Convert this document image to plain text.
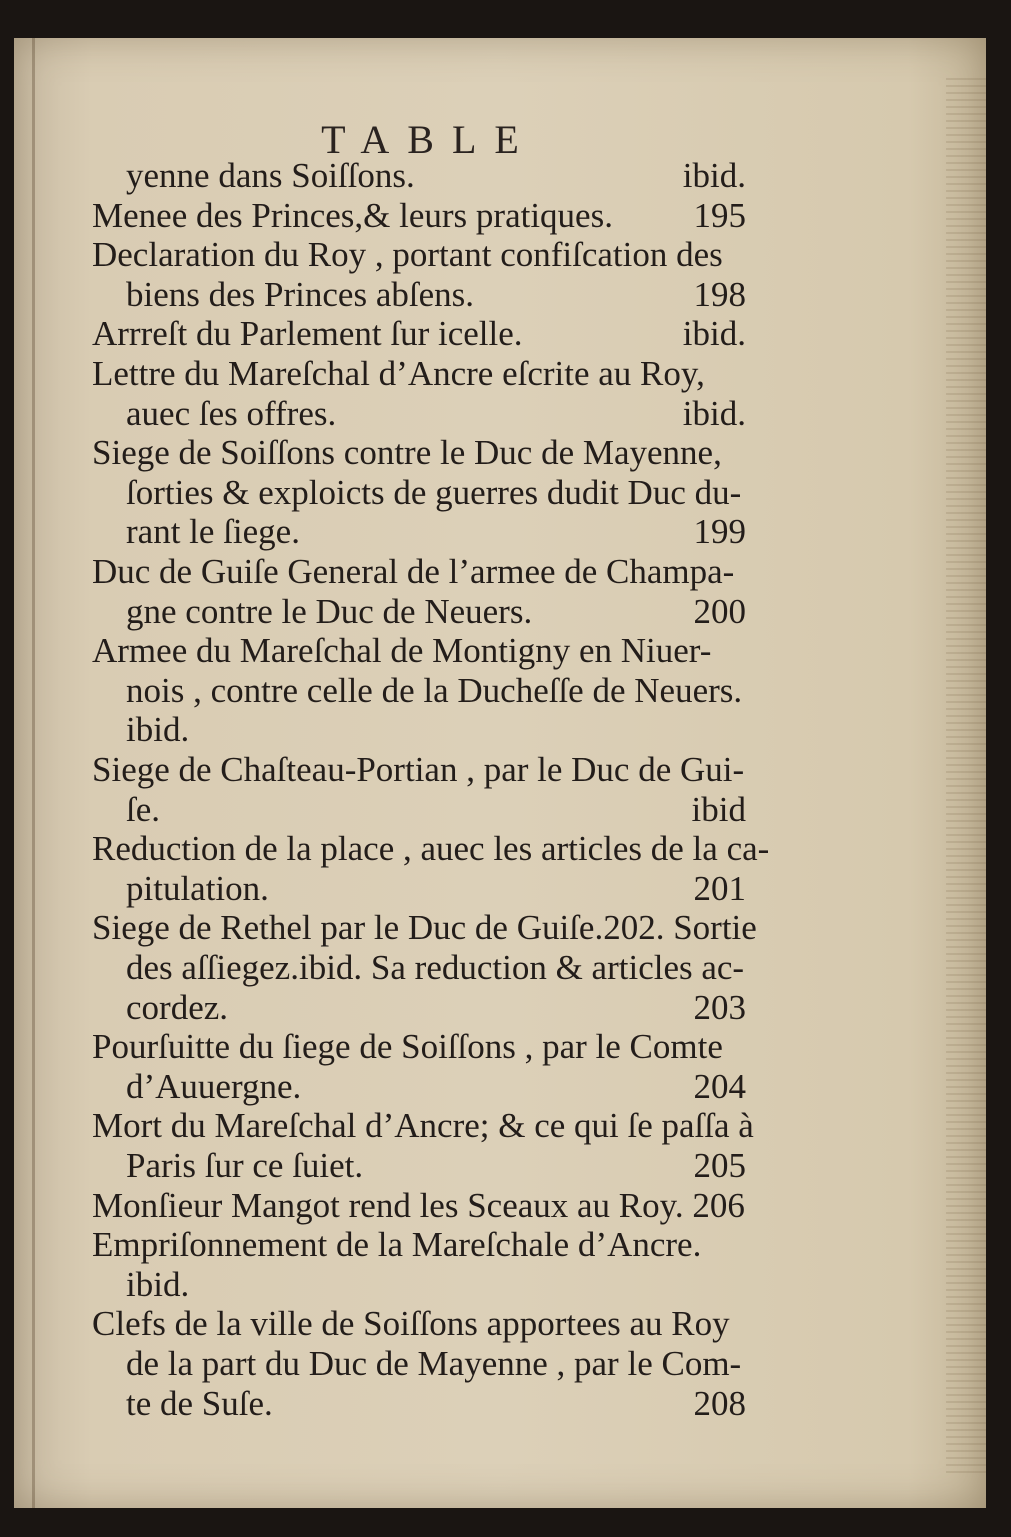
TABLE
yenne dans Soiſſons.	ibid.
Menee des Princes,& leurs pratiques. 195
Declaration du Roy , portant confiſcation des
biens des Princes abſens.	198
Arrreſt du Parlement ſur icelle.	ibid.
Lettre du Mareſchal d’Ancre eſcrite au Roy,
auec ſes offres.	ibid.
Siege de Soiſſons contre le Duc de Mayenne,
ſorties & exploicts de guerres dudit Duc du-
rant le ſiege.	199
Duc de Guiſe General de l’armee de Champa-
gne contre le Duc de Neuers.	200
Armee du Mareſchal de Montigny en Niuer-
nois , contre celle de la Ducheſſe de Neuers.
ibid.
Siege de Chaſteau-Portian , par le Duc de Gui-
ſe.	ibid
Reduction de la place , auec les articles de la ca-
pitulation.	201
Siege de Rethel par le Duc de Guiſe.202. Sortie
des aſſiegez.ibid. Sa reduction & articles ac-
cordez.	203
Pourſuitte du ſiege de Soiſſons , par le Comte
d’Auuergne.	204
Mort du Mareſchal d’Ancre; & ce qui ſe paſſa à
Paris ſur ce ſuiet.	205
Monſieur Mangot rend les Sceaux au Roy. 206
Empriſonnement de la Mareſchale d’Ancre.
ibid.
Clefs de la ville de Soiſſons apportees au Roy
de la part du Duc de Mayenne , par le Com-
te de Suſe.	208
